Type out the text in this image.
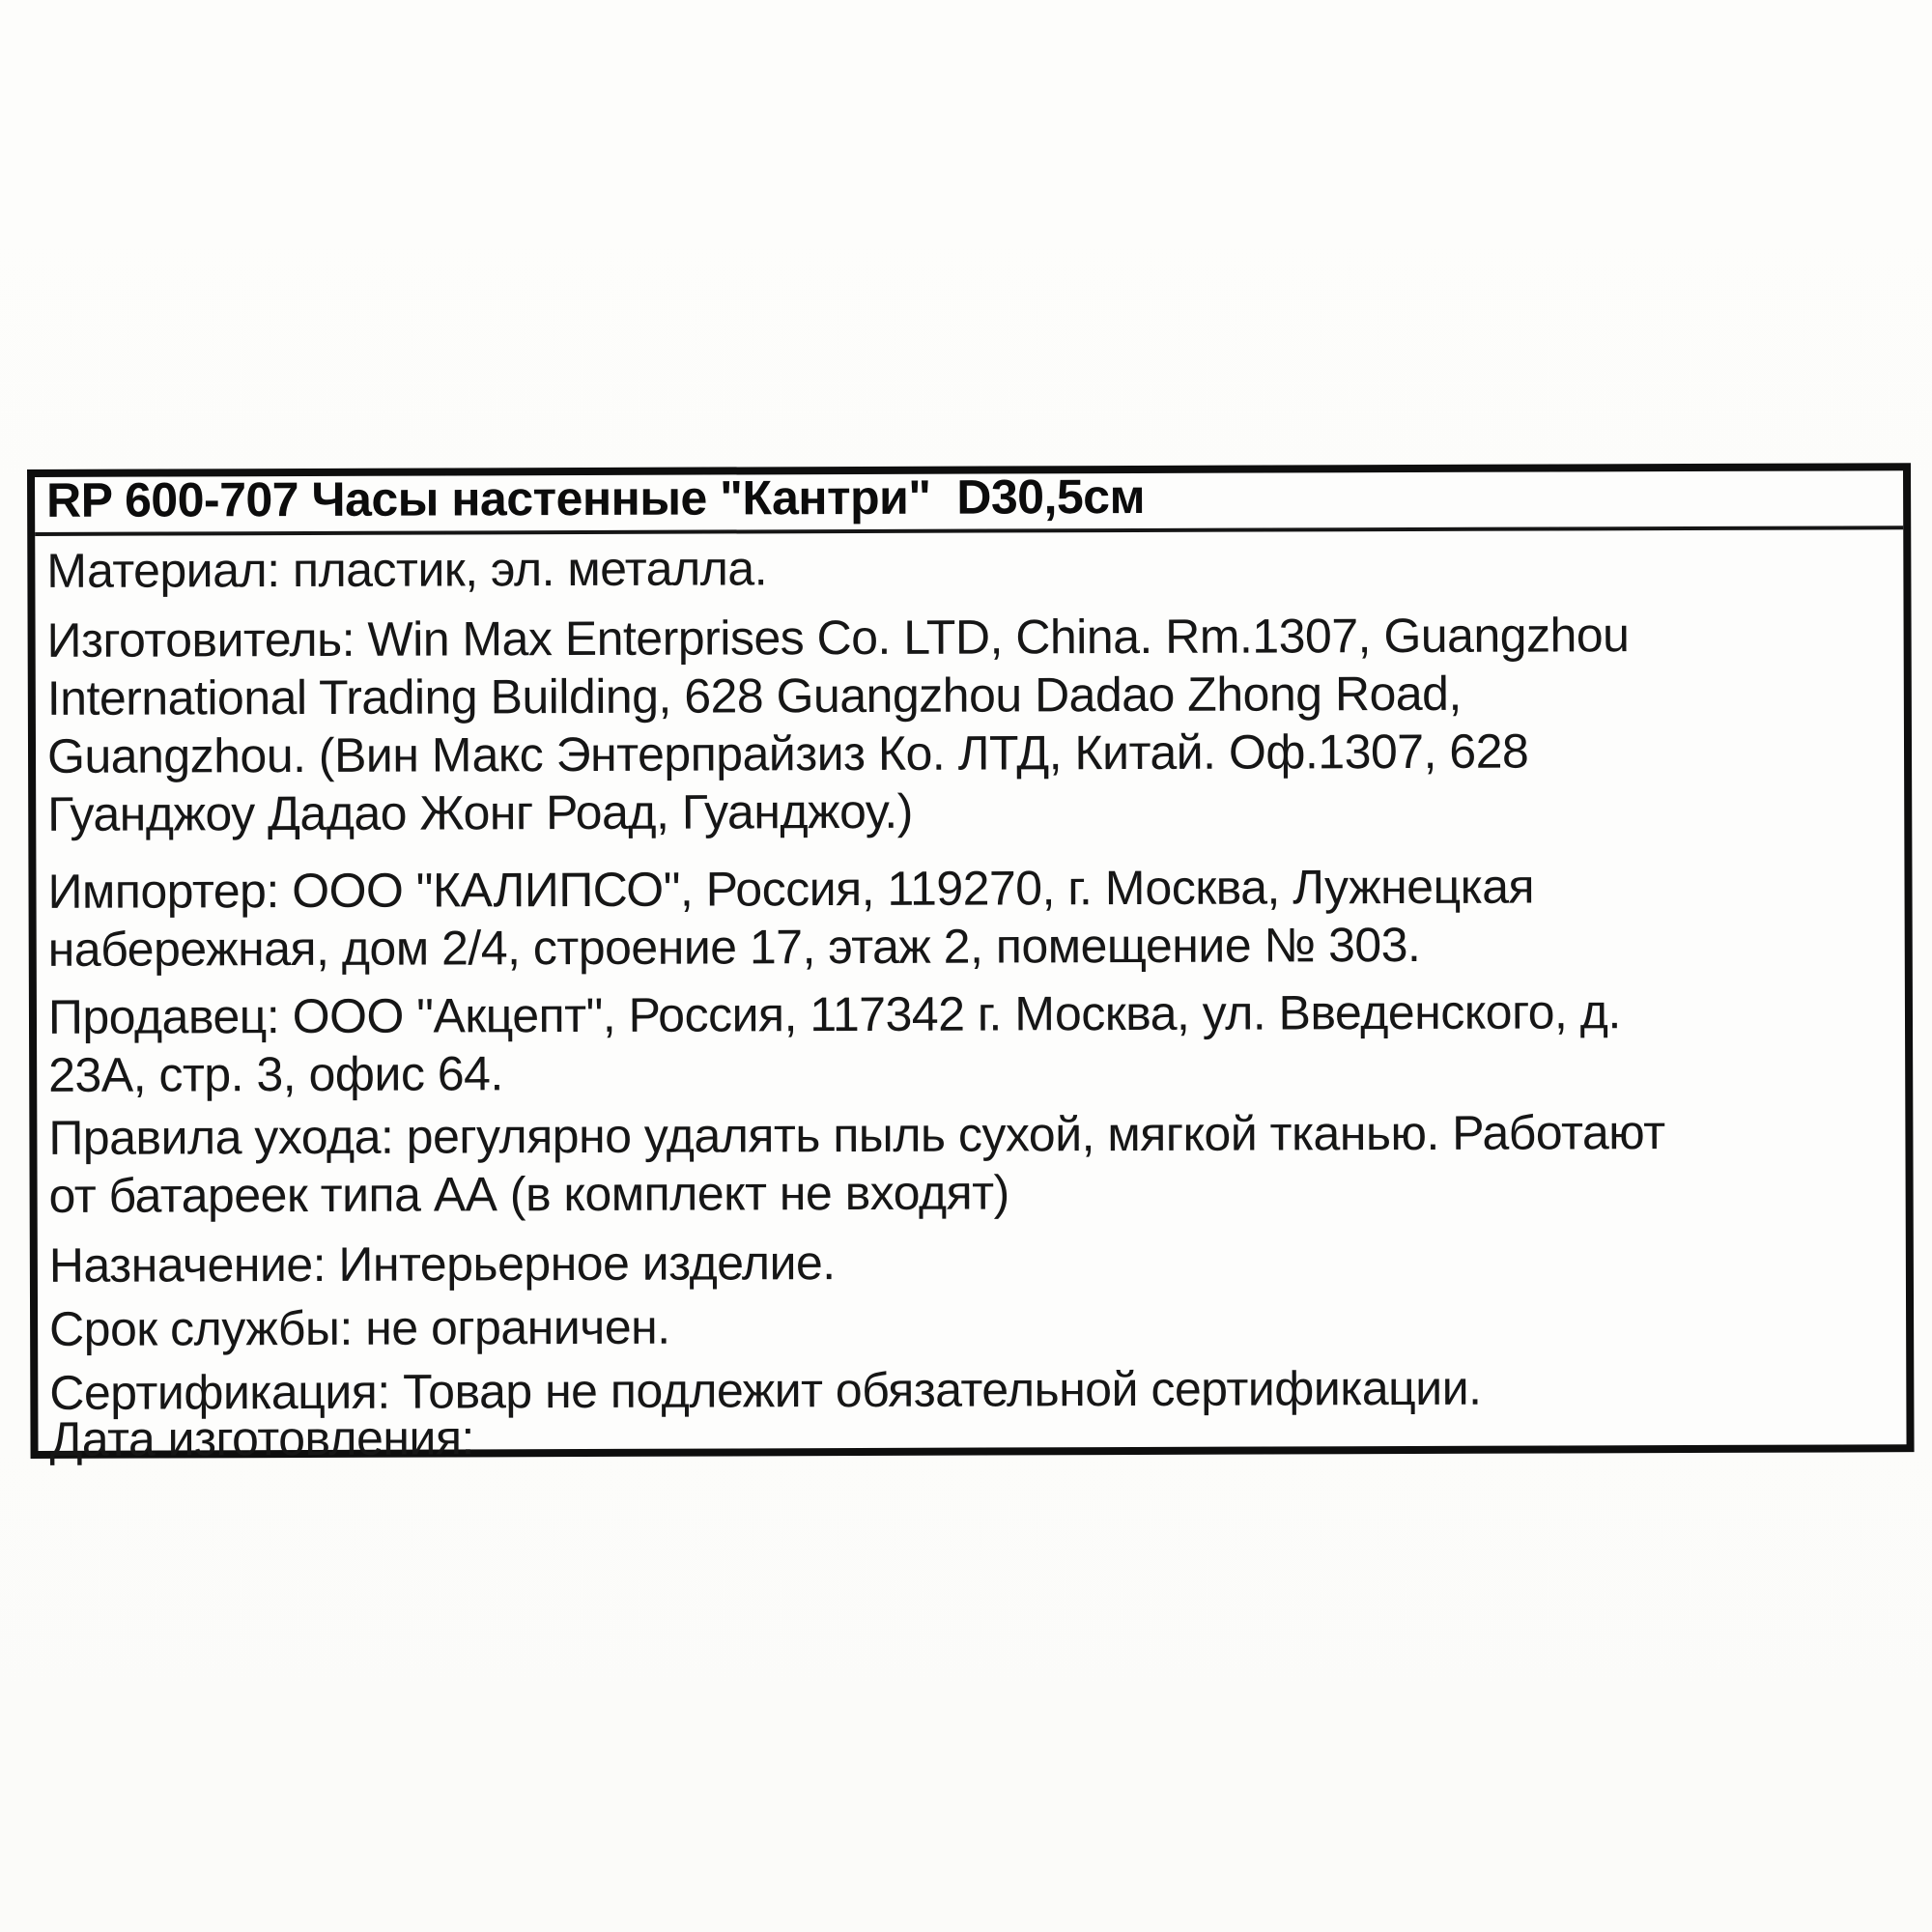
RP 600-707 Часы настенные "Кантри"  D30,5см
Материал: пластик, эл. металла.
Изготовитель: Win Max Enterprises Co. LTD, China. Rm.1307, Guangzhou
International Trading Building, 628 Guangzhou Dadao Zhong Road,
Guangzhou. (Вин Макс Энтерпрайзиз Ко. ЛТД, Китай. Оф.1307, 628
Гуанджоу Дадао Жонг Роад, Гуанджоу.)
Импортер: ООО "КАЛИПСО", Россия, 119270, г. Москва, Лужнецкая
набережная, дом 2/4, строение 17, этаж 2, помещение № 303.
Продавец: ООО "Акцепт", Россия, 117342 г. Москва, ул. Введенского, д.
23А, стр. 3, офис 64.
Правила ухода: регулярно удалять пыль сухой, мягкой тканью. Работают
от батареек типа АА (в комплект не входят)
Назначение: Интерьерное изделие.
Срок службы: не ограничен.
Сертификация: Товар не подлежит обязательной сертификации.
Дата изготовления:
